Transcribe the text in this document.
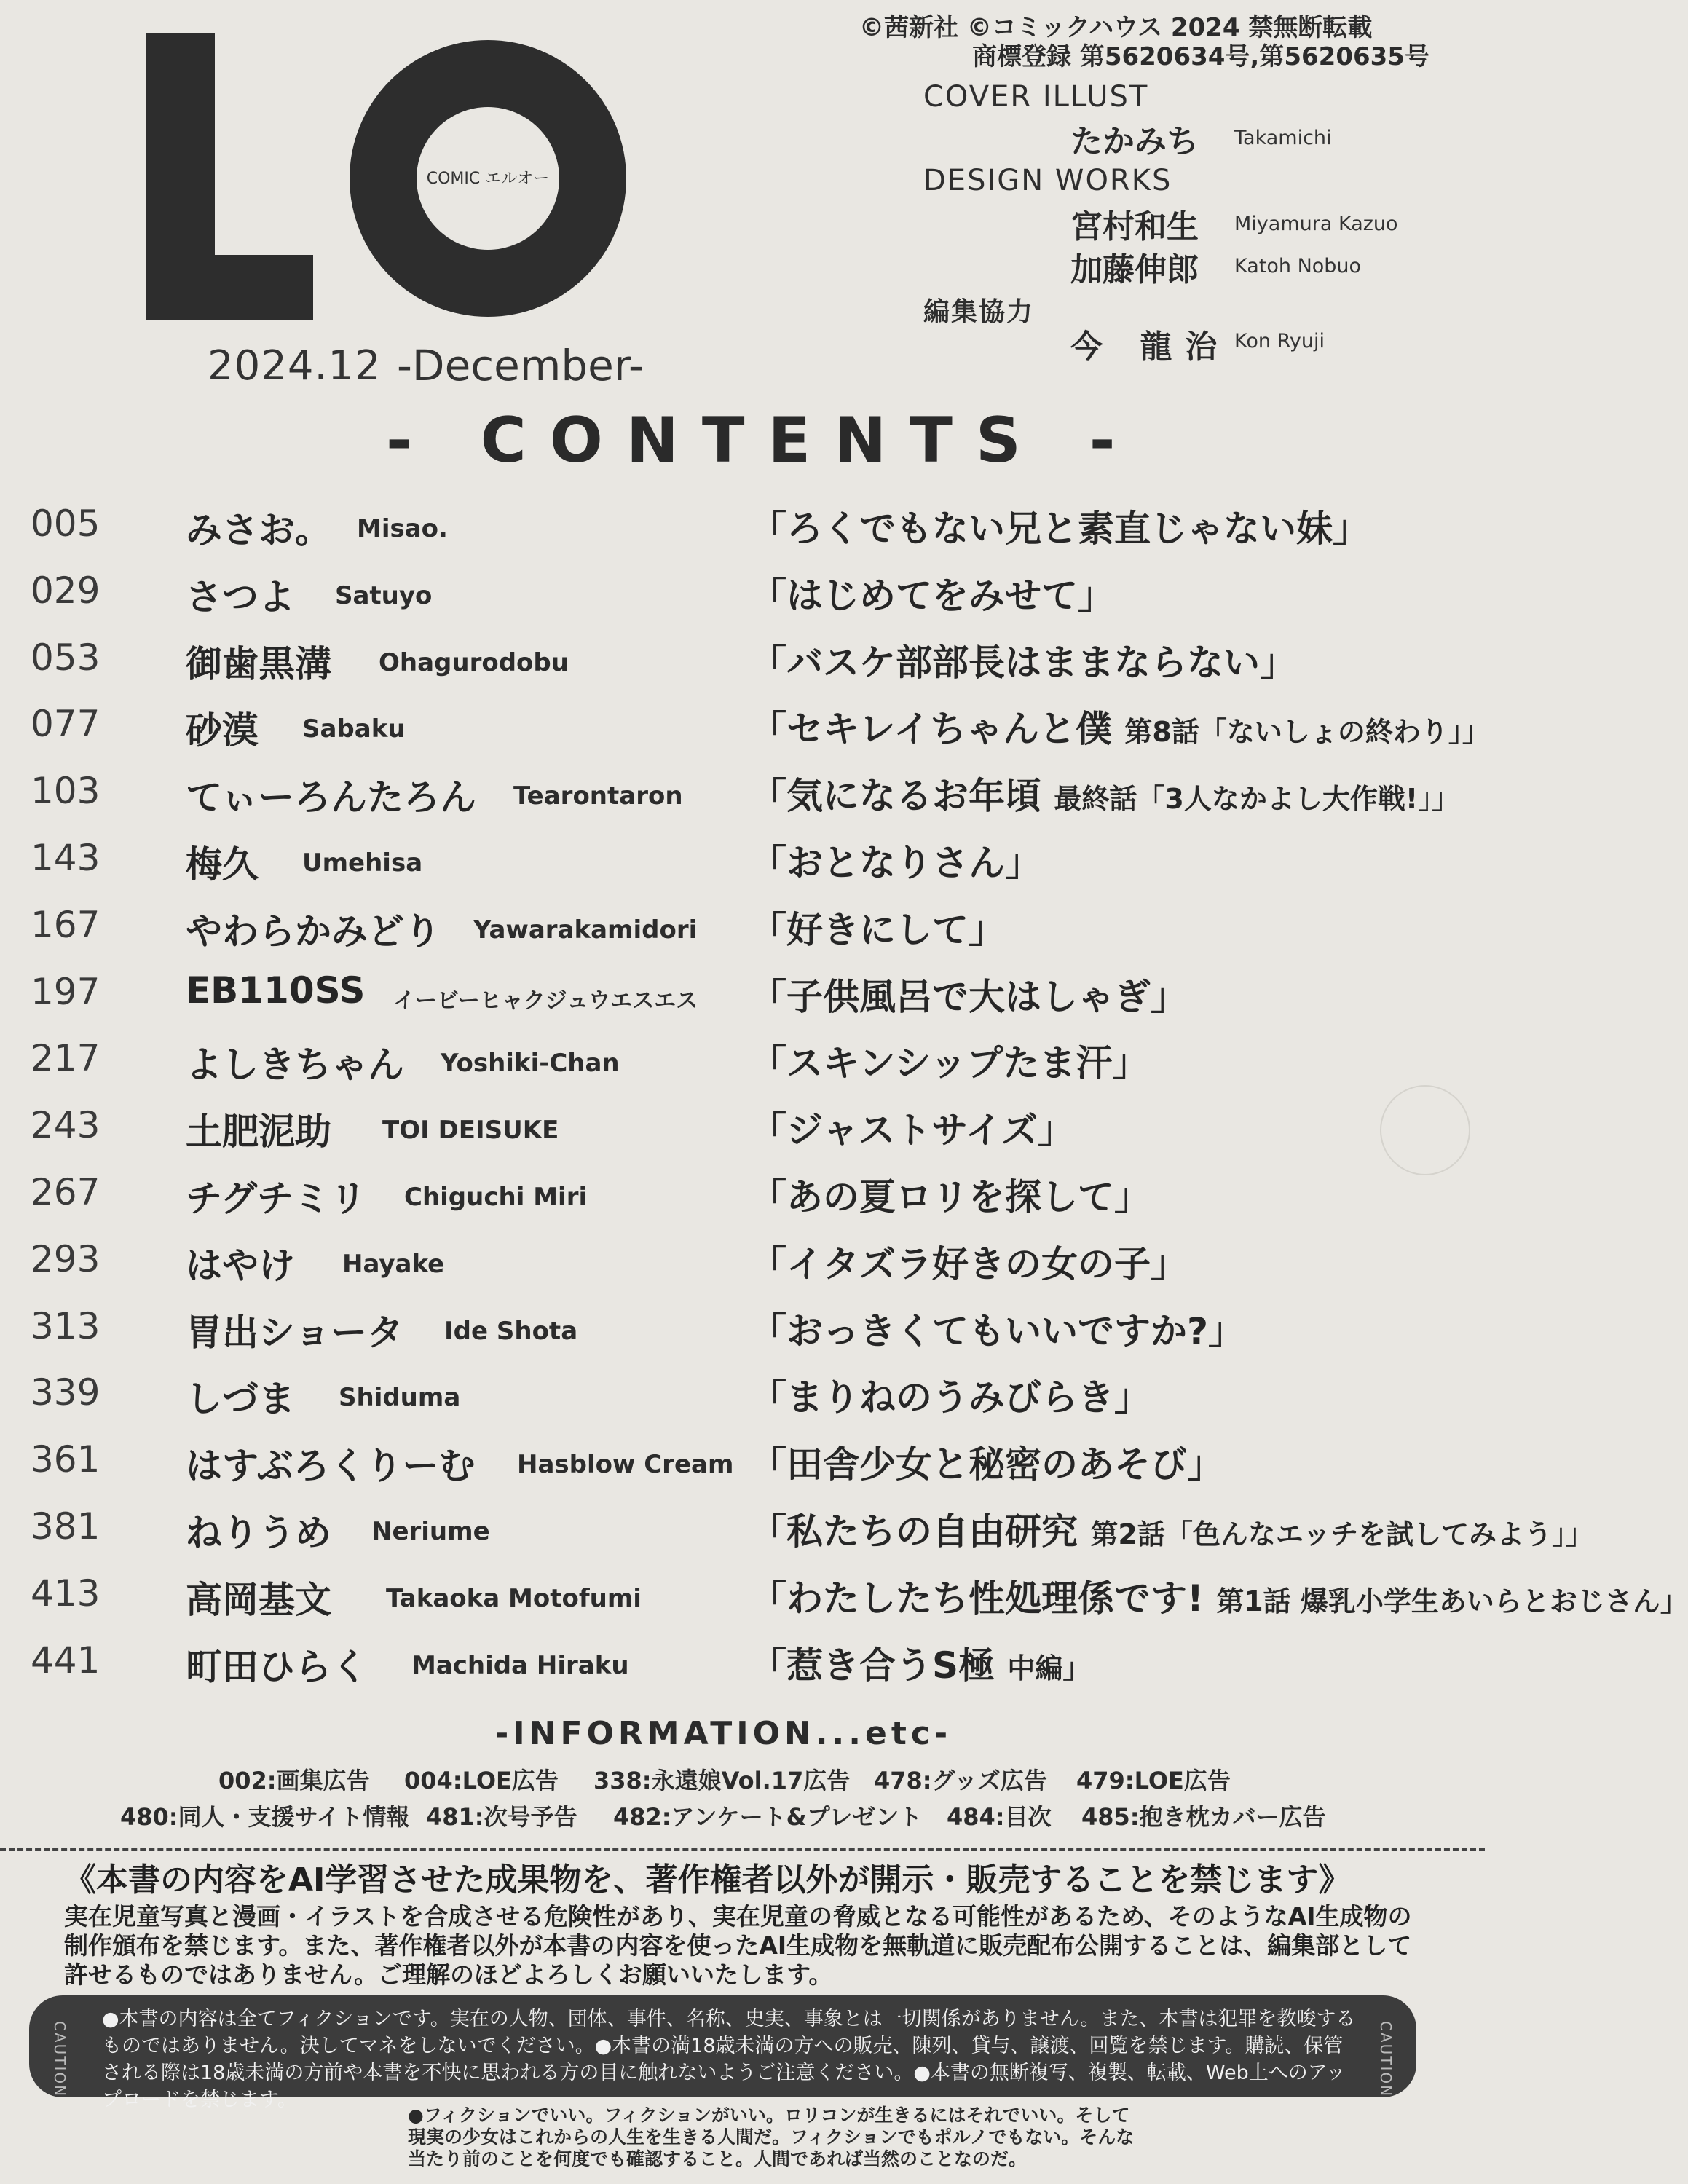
COMIC エルオー
2024.12 -December-
- CONTENTS -
©茜新社 ©コミックハウス 2024 禁無断転載
商標登録 第5620634号,第5620635号
COVER ILLUST
たかみち Takamichi
DESIGN WORKS
宮村和生 Miyamura Kazuo
加藤伸郎 Katoh Nobuo
編集協力
今 龍治 Kon Ryuji
005 みさお。 Misao.	「ろくでもない兄と素直じゃない妹」
029 さつよ Satuyo	「はじめてをみせて」
053 御歯黒溝 Ohagurodobu	「バスケ部部長はままならない」
077 砂漠 Sabaku	「セキレイちゃんと僕 第8話「ないしょの終わり」」
103 てぃーろんたろん Tearontaron 「気になるお年頃 最終話「3人なかよし大作戦!」」
143 梅久 Umehisa	「おとなりさん」
167 やわらかみどり Yawarakamidori 「好きにして」
197 EB110SS イービーヒャクジュウエスエス 「子供風呂で大はしゃぎ」
217 よしきちゃん Yoshiki-Chan	「スキンシップたま汗」
243 土肥泥助 TOI DEISUKE	「ジャストサイズ」
267 チグチミリ Chiguchi Miri	「あの夏ロリを探して」
293 はやけ Hayake	「イタズラ好きの女の子」
313 胃出ショータ Ide Shota	「おっきくてもいいですか?」
339 しづま Shiduma	「まりねのうみびらき」
361 はすぶろくりーむ Hasblow Cream 「田舎少女と秘密のあそび」
381 ねりうめ Neriume	「私たちの自由研究 第2話「色んなエッチを試してみよう」」
413 高岡基文 Takaoka Motofumi	「わたしたち性処理係です! 第1話 爆乳小学生あいらとおじさん」
441 町田ひらく Machida Hiraku	「惹き合うS極 中編」
-INFORMATION...etc-
002:画集広告 004:LOE広告 338:永遠娘Vol.17広告 478:グッズ広告 479:LOE広告
480:同人・支援サイト情報 481:次号予告 482:アンケート&プレゼント 484:目次 485:抱き枕カバー広告
《本書の内容をAI学習させた成果物を、著作権者以外が開示・販売することを禁じます》
実在児童写真と漫画・イラストを合成させる危険性があり、実在児童の脅威となる可能性があるため、そのようなAI生成物の制作頒布を禁じます。また、著作権者以外が本書の内容を使ったAI生成物を無軌道に販売配布公開することは、編集部として許せるものではありません。ご理解のほどよろしくお願いいたします。
CAUTION
●本書の内容は全てフィクションです。実在の人物、団体、事件、名称、史実、事象とは一切関係がありません。また、本書は犯罪を教唆するものではありません。決してマネをしないでください。●本書の満18歳未満の方への販売、陳列、貸与、譲渡、回覧を禁じます。購読、保管される際は18歳未満の方前や本書を不快に思われる方の目に触れないようご注意ください。●本書の無断複写、複製、転載、Web上へのアップロードを禁じます。
CAUTION
●フィクションでいい。フィクションがいい。ロリコンが生きるにはそれでいい。そして現実の少女はこれからの人生を生きる人間だ。フィクションでもポルノでもない。そんな当たり前のことを何度でも確認すること。人間であれば当然のことなのだ。
